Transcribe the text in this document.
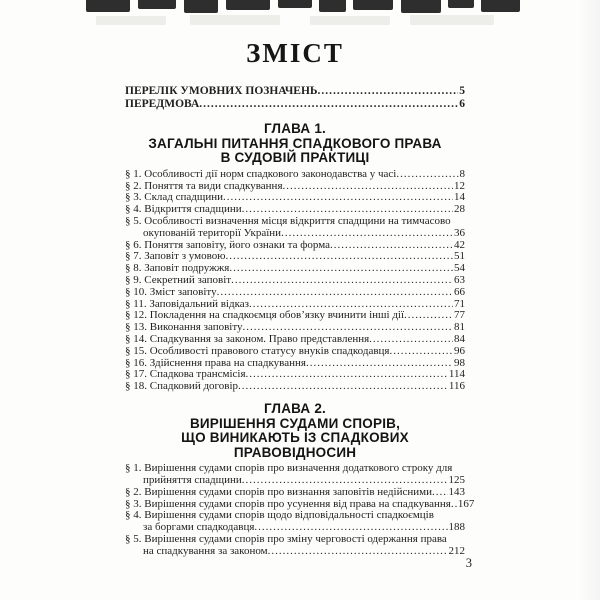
ЗМІСТ
ПЕРЕЛІК УМОВНИХ ПОЗНАЧЕНЬ .....	5
ПЕРЕДМОВА .....	6
ГЛАВА 1.
ЗАГАЛЬНІ ПИТАННЯ СПАДКОВОГО ПРАВА
В СУДОВІЙ ПРАКТИЦІ
§ 1. Особливості дії норм спадкового законодавства у часі .....	8
§ 2. Поняття та види спадкування .....	12
§ 3. Склад спадщини .....	14
§ 4. Відкриття спадщини .....	28
§ 5. Особливості визначення місця відкриття спадщини на тимчасово
окупованій території України .....	36
§ 6. Поняття заповіту, його ознаки та форма .....	42
§ 7. Заповіт з умовою .....	51
§ 8. Заповіт подружжя .....	54
§ 9. Секретний заповіт .....	63
§ 10. Зміст заповіту .....	66
§ 11. Заповідальний відказ .....	71
§ 12. Покладення на спадкоємця обов’язку вчинити інші дії .....	77
§ 13. Виконання заповіту .....	81
§ 14. Спадкування за законом. Право представлення .....	84
§ 15. Особливості правового статусу внуків спадкодавця .....	96
§ 16. Здійснення права на спадкування .....	98
§ 17. Спадкова трансмісія .....	114
§ 18. Спадковий договір .....	116
ГЛАВА 2.
ВИРІШЕННЯ СУДАМИ СПОРІВ,
ЩО ВИНИКАЮТЬ ІЗ СПАДКОВИХ
ПРАВОВІДНОСИН
§ 1. Вирішення судами спорів про визначення додаткового строку для
прийняття спадщини .....	125
§ 2. Вирішення судами спорів про визнання заповітів недійсними ..... 143
§ 3. Вирішення судами спорів про усунення від права на спадкування ..... 167
§ 4. Вирішення судами спорів щодо відповідальності спадкоємців
за боргами спадкодавця .....	188
§ 5. Вирішення судами спорів про зміну черговості одержання права
на спадкування за законом .....	212
3
